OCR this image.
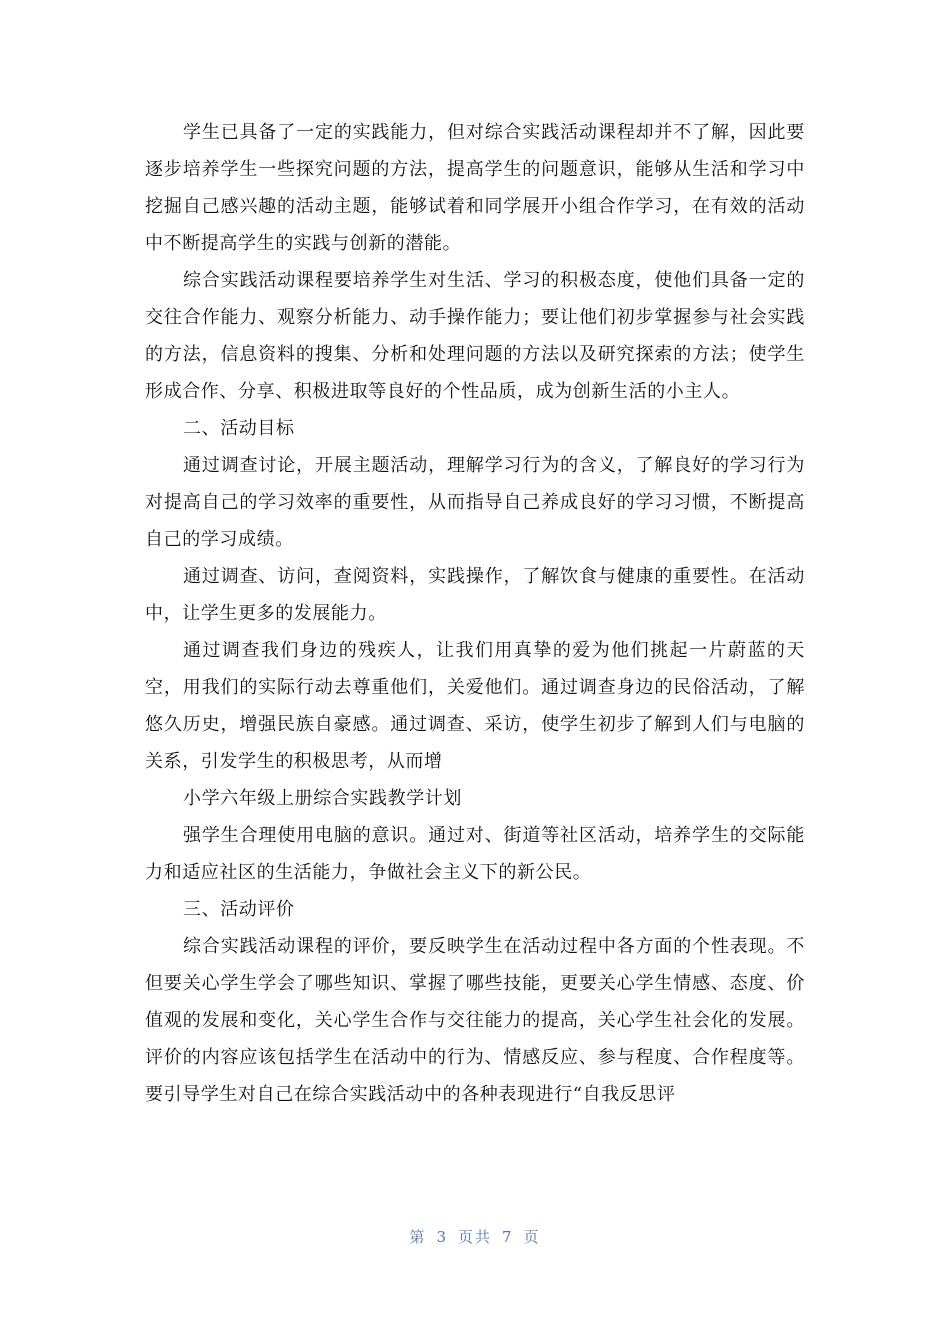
学生已具备了一定的实践能力，但对综合实践活动课程却并不了解，因此要逐步培养学生一些探究问题的方法，提高学生的问题意识，能够从生活和学习中挖掘自己感兴趣的活动主题，能够试着和同学展开小组合作学习，在有效的活动中不断提高学生的实践与创新的潜能。

综合实践活动课程要培养学生对生活、学习的积极态度，使他们具备一定的交往合作能力、观察分析能力、动手操作能力；要让他们初步掌握参与社会实践的方法，信息资料的搜集、分析和处理问题的方法以及研究探索的方法；使学生形成合作、分享、积极进取等良好的个性品质，成为创新生活的小主人。

二、活动目标

通过调查讨论，开展主题活动，理解学习行为的含义，了解良好的学习行为对提高自己的学习效率的重要性，从而指导自己养成良好的学习习惯，不断提高自己的学习成绩。

通过调查、访问，查阅资料，实践操作，了解饮食与健康的重要性。在活动中，让学生更多的发展能力。

通过调查我们身边的残疾人，让我们用真挚的爱为他们挑起一片蔚蓝的天空，用我们的实际行动去尊重他们，关爱他们。通过调查身边的民俗活动，了解悠久历史，增强民族自豪感。通过调查、采访，使学生初步了解到人们与电脑的关系，引发学生的积极思考，从而增

小学六年级上册综合实践教学计划

强学生合理使用电脑的意识。通过对、街道等社区活动，培养学生的交际能力和适应社区的生活能力，争做社会主义下的新公民。

三、活动评价

综合实践活动课程的评价，要反映学生在活动过程中各方面的个性表现。不但要关心学生学会了哪些知识、掌握了哪些技能，更要关心学生情感、态度、价值观的发展和变化，关心学生合作与交往能力的提高，关心学生社会化的发展。 评价的内容应该包括学生在活动中的行为、情感反应、参与程度、合作程度等。要引导学生对自己在综合实践活动中的各种表现进行“自我反思评

第 3 页共 7 页
